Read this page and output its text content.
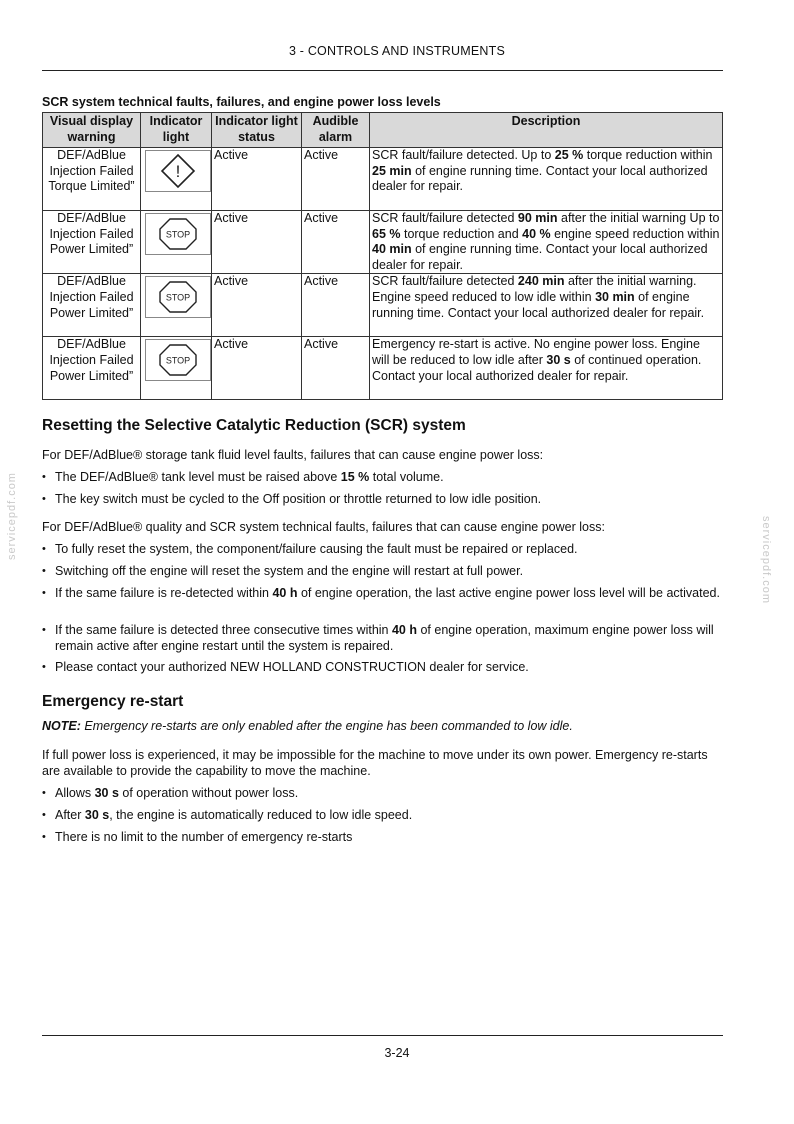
3 - CONTROLS AND INSTRUMENTS
SCR system technical faults, failures, and engine power loss levels
Visual display warning	Indicator light	Indicator light status	Audible alarm	Description
DEF/AdBlue Injection Failed Torque Limited”	!	Active	Active	SCR fault/failure detected. Up to 25 % torque reduction within 25 min of engine running time. Contact your local authorized dealer for repair.
DEF/AdBlue Injection Failed Power Limited”	STOP	Active	Active	SCR fault/failure detected 90 min after the initial warning Up to 65 % torque reduction and 40 % engine speed reduction within 40 min of engine running time. Contact your local authorized dealer for repair.
DEF/AdBlue Injection Failed Power Limited”	STOP	Active	Active	SCR fault/failure detected 240 min after the initial warning. Engine speed reduced to low idle within 30 min of engine running time. Contact your local authorized dealer for repair.
DEF/AdBlue Injection Failed Power Limited”	STOP	Active	Active	Emergency re-start is active. No engine power loss. Engine will be reduced to low idle after 30 s of continued operation. Contact your local authorized dealer for repair.
Resetting the Selective Catalytic Reduction (SCR) system

For DEF/AdBlue® storage tank fluid level faults, failures that can cause engine power loss:

• The DEF/AdBlue® tank level must be raised above 15 % total volume.
• The key switch must be cycled to the Off position or throttle returned to low idle position.

For DEF/AdBlue® quality and SCR system technical faults, failures that can cause engine power loss:

• To fully reset the system, the component/failure causing the fault must be repaired or replaced.
• Switching off the engine will reset the system and the engine will restart at full power.
• If the same failure is re-detected within 40 h of engine operation, the last active engine power loss level will be activated.
• If the same failure is detected three consecutive times within 40 h of engine operation, maximum engine power loss will remain active after engine restart until the system is repaired.
• Please contact your authorized NEW HOLLAND CONSTRUCTION dealer for service.
Emergency re-start

NOTE: Emergency re-starts are only enabled after the engine has been commanded to low idle.

If full power loss is experienced, it may be impossible for the machine to move under its own power. Emergency re-starts are available to provide the capability to move the machine.

• Allows 30 s of operation without power loss.
• After 30 s, the engine is automatically reduced to low idle speed.
• There is no limit to the number of emergency re-starts
servicepdf.com	servicepdf.com
3-24
